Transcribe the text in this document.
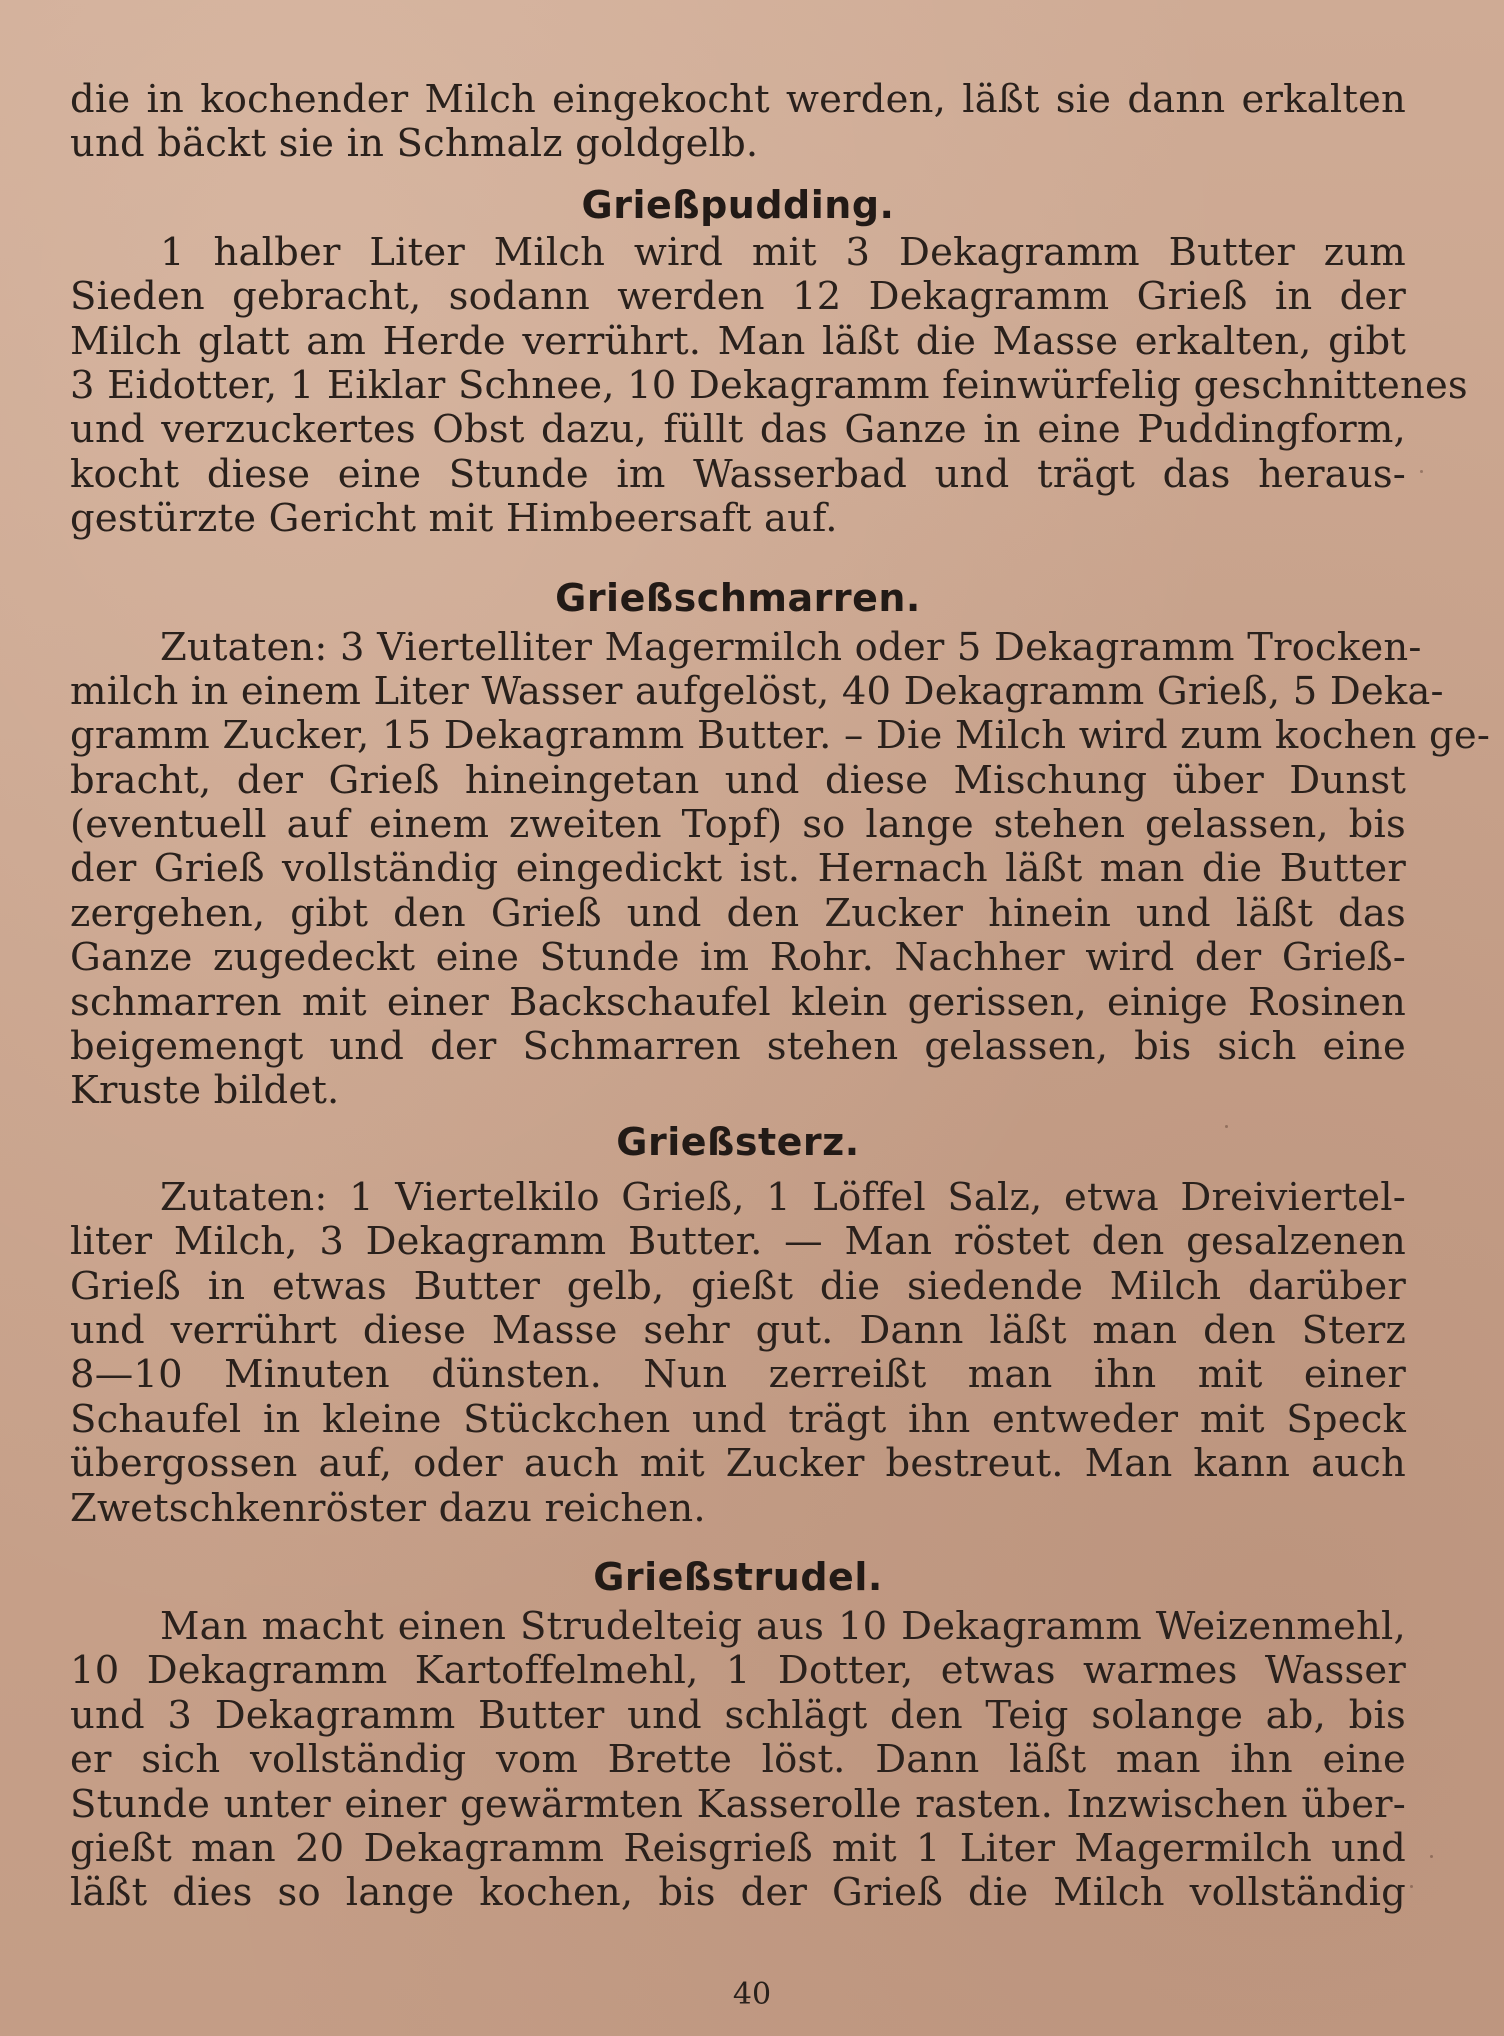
die in kochender Milch eingekocht werden, läßt sie dann erkalten
und bäckt sie in Schmalz goldgelb.
Grießpudding.
1 halber Liter Milch wird mit 3 Dekagramm Butter zum
Sieden gebracht, sodann werden 12 Dekagramm Grieß in der
Milch glatt am Herde verrührt. Man läßt die Masse erkalten, gibt
3 Eidotter, 1 Eiklar Schnee, 10 Dekagramm feinwürfelig geschnittenes
und verzuckertes Obst dazu, füllt das Ganze in eine Puddingform,
kocht diese eine Stunde im Wasserbad und trägt das heraus-
gestürzte Gericht mit Himbeersaft auf.
Grießschmarren.
Zutaten: 3 Viertelliter Magermilch oder 5 Dekagramm Trocken-
milch in einem Liter Wasser aufgelöst, 40 Dekagramm Grieß, 5 Deka-
gramm Zucker, 15 Dekagramm Butter. – Die Milch wird zum kochen ge-
bracht, der Grieß hineingetan und diese Mischung über Dunst
(eventuell auf einem zweiten Topf) so lange stehen gelassen, bis
der Grieß vollständig eingedickt ist. Hernach läßt man die Butter
zergehen, gibt den Grieß und den Zucker hinein und läßt das
Ganze zugedeckt eine Stunde im Rohr. Nachher wird der Grieß-
schmarren mit einer Backschaufel klein gerissen, einige Rosinen
beigemengt und der Schmarren stehen gelassen, bis sich eine
Kruste bildet.
Grießsterz.
Zutaten: 1 Viertelkilo Grieß, 1 Löffel Salz, etwa Dreiviertel-
liter Milch, 3 Dekagramm Butter. — Man röstet den gesalzenen
Grieß in etwas Butter gelb, gießt die siedende Milch darüber
und verrührt diese Masse sehr gut. Dann läßt man den Sterz
8—10 Minuten dünsten. Nun zerreißt man ihn mit einer
Schaufel in kleine Stückchen und trägt ihn entweder mit Speck
übergossen auf, oder auch mit Zucker bestreut. Man kann auch
Zwetschkenröster dazu reichen.
Grießstrudel.
Man macht einen Strudelteig aus 10 Dekagramm Weizenmehl,
10 Dekagramm Kartoffelmehl, 1 Dotter, etwas warmes Wasser
und 3 Dekagramm Butter und schlägt den Teig solange ab, bis
er sich vollständig vom Brette löst. Dann läßt man ihn eine
Stunde unter einer gewärmten Kasserolle rasten. Inzwischen über-
gießt man 20 Dekagramm Reisgrieß mit 1 Liter Magermilch und
läßt dies so lange kochen, bis der Grieß die Milch vollständig
40
